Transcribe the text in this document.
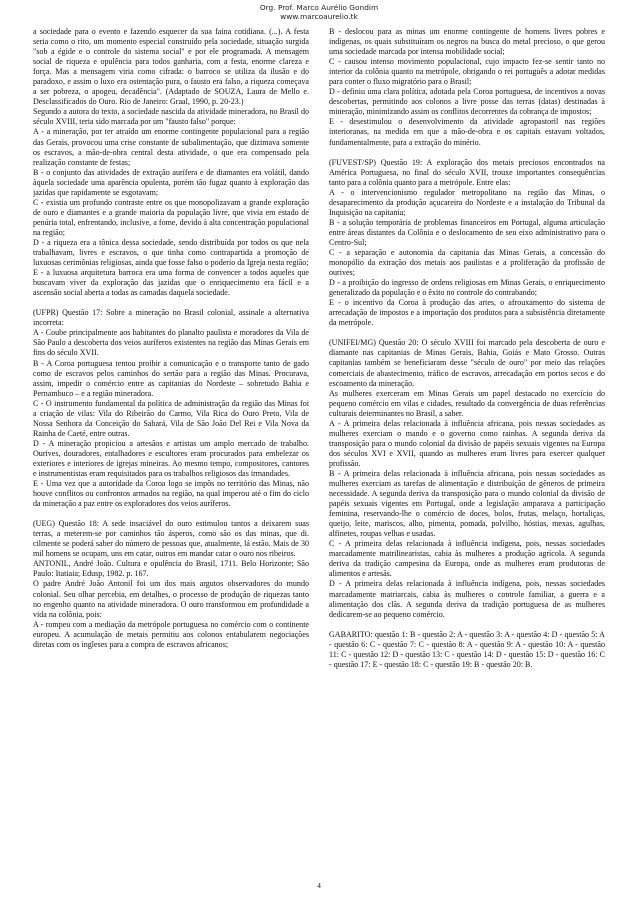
Org. Prof. Marco Aurélio Gondim
www.marcoaurelio.tk

a sociedade para o evento e fazendo esquecer da sua faina cotidiana. (...). A festa seria como o rito, um momento especial construído pela sociedade, situação surgida "sob a égide e o controle do sistema social" e por ele programada. A mensagem social de riqueza e opulência para todos ganharia, com a festa, enorme clareza e força. Mas a mensagem viria como cifrada: o barroco se utiliza da ilusão e do paradoxo, e assim o luxo era ostentação pura, o fausto era falso, a riqueza começava a ser pobreza, o apogeu, decadência". (Adaptado de SOUZA, Laura de Mello e. Desclassificados do Ouro. Rio de Janeiro: Graal, 1990, p. 20-23.)

Segundo a autora do texto, a sociedade nascida da atividade mineradora, no Brasil do século XVIII, teria sido marcada por um "fausto falso" porque:

A - a mineração, por ter atraído um enorme contingente populacional para a região das Gerais, provocou uma crise constante de subalimentação, que dizimava somente os escravos, a mão-de-obra central desta atividade, o que era compensado pela realização constante de festas;

B - o conjunto das atividades de extração aurífera e de diamantes era volátil, dando àquela sociedade uma aparência opulenta, porém tão fugaz quanto à exploração das jazidas que rapidamente se esgotavam;

C - existia um profundo contraste entre os que monopolizavam a grande exploração de ouro e diamantes e a grande maioria da população livre, que vivia em estado de penúria total, enfrentando, inclusive, a fome, devido à alta concentração populacional na região;

D - a riqueza era a tônica dessa sociedade, sendo distribuída por todos os que nela trabalhavam, livres e escravos, o que tinha como contrapartida a promoção de luxuosas cerimônias religiosas, ainda que fosse falso o poderio da Igreja nesta região;

E - a luxuosa arquitetura barroca era uma forma de convencer a todos aqueles que buscavam viver da exploração das jazidas que o enriquecimento era fácil e a ascensão social aberta a todas as camadas daquela sociedade.

(UFPR) Questão 17: Sobre a mineração no Brasil colonial, assinale a alternativa incorreta:

A - Coube principalmente aos habitantes do planalto paulista e moradores da Vila de São Paulo a descoberta dos veios auríferos existentes na região das Minas Gerais em fins do século XVII.

B - A Coroa portuguesa tentou proibir a comunicação e o transporte tanto de gado como de escravos pelos caminhos do sertão para a região das Minas. Procurava, assim, impedir o comércio entre as capitanias do Nordeste – sobretudo Bahia e Pernambuco – e a região mineradora.

C - O instrumento fundamental da política de administração da região das Minas foi a criação de vilas: Vila do Ribeirão do Carmo, Vila Rica do Ouro Preto, Vila de Nossa Senhora da Conceição do Sabará, Vila de São João Del Rei e Vila Nova da Rainha de Caeté, entre outras.

D - A mineração propiciou a artesãos e artistas um amplo mercado de trabalho. Ourives, douradores, entalhadores e escultores eram procurados para embelezar os exteriores e interiores de igrejas mineiras. Ao mesmo tempo, compositores, cantores e instrumentistas eram requisitados para os trabalhos religiosos das irmandades.

E - Uma vez que a autoridade da Coroa logo se impôs no território das Minas, não houve conflitos ou confrontos armados na região, na qual imperou até o fim do ciclo da mineração a paz entre os exploradores dos veios auríferos.

(UEG) Questão 18: A sede insaciável do ouro estimulou tantos a deixarem suas terras, a meterem-se por caminhos tão ásperos, como são os das minas, que di. cilmente se poderá saber do número de pessoas que, atualmente, lá estão. Mais de 30 mil homens se ocupam, uns em catar, outros em mandar catar o ouro nos ribeiros.

ANTONIL, André João. Cultura e opulência do Brasil, 1711. Belo Horizonte; São Paulo: Itatiaia; Edusp, 1982. p. 167.

O padre André João Antonil foi um dos mais argutos observadores do mundo colonial. Seu olhar percebia, em detalhes, o processo de produção de riquezas tanto no engenho quanto na atividade mineradora. O ouro transformou em profundidade a vida na colônia, pois:

A - rompeu com a mediação da metrópole portuguesa no comércio com o continente europeu. A acumulação de metais permitiu aos colonos entabularem negociações diretas com os ingleses para a compra de escravos africanos;

B - deslocou para as minas um enorme contingente de homens livres pobres e indígenas, os quais substituíram os negros na busca do metal precioso, o que gerou uma sociedade marcada por intensa mobilidade social;

C - causou intenso movimento populacional, cujo impacto fez-se sentir tanto no interior da colônia quanto na metrópole, obrigando o rei português a adotar medidas para conter o fluxo migratório para o Brasil;

D - definiu uma clara política, adotada pela Coroa portuguesa, de incentivos a novas descobertas, permitindo aos colonos a livre posse das terras (datas) destinadas à mineração, minimizando assim os conflitos decorrentes da cobrança de impostos;

E - desestimulou o desenvolvimento da atividade agropastoril nas regiões interioranas, na medida em que a mão-de-obra e os capitais estavam voltados, fundamentalmente, para a extração do minério.

(FUVEST/SP) Questão 19: A exploração dos metais preciosos encontrados na América Portuguesa, no final do século XVII, trouxe importantes consequências tanto para a colônia quanto para a metrópole. Entre elas:

A - o intervencionismo regulador metropolitano na região das Minas, o desaparecimento da produção açucareira do Nordeste e a instalação do Tribunal da Inquisição na capitania;

B - a solução temporária de problemas financeiros em Portugal, alguma articulação entre áreas distantes da Colônia e o deslocamento de seu eixo administrativo para o Centro-Sul;

C - a separação e autonomia da capitania das Minas Gerais, a concessão do monopólio da extração dos metais aos paulistas e a proliferação da profissão de ourives;

D - a proibição do ingresso de ordens religiosas em Minas Gerais, o enriquecimento generalizado da população e o êxito no controle do contrabando;

E - o incentivo da Coroa à produção das artes, o afrouxamento do sistema de arrecadação de impostos e a importação dos produtos para a subsistência diretamente da metrópole.

(UNIFEI/MG) Questão 20: O século XVIII foi marcado pela descoberta de ouro e diamante nas capitanias de Minas Gerais, Bahia, Goiás e Mato Grosso. Outras capitanias também se beneficiaram desse "século de ouro" por meio das relações comerciais de abastecimento, tráfico de escravos, arrecadação em portos secos e do escoamento da mineração.

As mulheres exerceram em Minas Gerais um papel destacado no exercício do pequeno comércio em vilas e cidades, resultado da convergência de duas referências culturais determinantes no Brasil, a saber.

A - A primeira delas relacionada à influência africana, pois nessas sociedades as mulheres exerciam o mando e o governo como rainhas. A segunda deriva da transposição para o mundo colonial da divisão de papéis sexuais vigentes na Europa dos séculos XVI e XVII, quando as mulheres eram livres para exercer qualquer profissão.

B - A primeira delas relacionada à influência africana, pois nessas sociedades as mulheres exerciam as tarefas de alimentação e distribuição de gêneros de primeira necessidade. A segunda deriva da transposição para o mundo colonial da divisão de papéis sexuais vigentes em Portugal, onde a legislação amparava a participação feminina, reservando-lhe o comércio de doces, bolos, frutas, melaço, hortaliças, queijo, leite, mariscos, alho, pimenta, pomada, polvilho, hóstias, mexas, agulhas, alfinetes, roupas velhas e usadas.

C - A primeira delas relacionada à influência indígena, pois, nessas sociedades marcadamente matrilinearistas, cabia às mulheres a produção agrícola. A segunda deriva da tradição campesina da Europa, onde as mulheres eram produtoras de alimentos e artesãs.

D - A primeira delas relacionada à influência indígena, pois, nessas sociedades marcadamente matriarcais, cabia às mulheres o controle familiar, a guerra e a alimentação dos clãs. A segunda deriva da tradição portuguesa de as mulheres dedicarem-se ao pequeno comércio.

GABARITO: questão 1: B - questão 2: A - questão 3: A - questão 4: D - questão 5: A - questão 6: C - questão 7: C - questão 8: A - questão 9: A - questão 10: A - questão 11: C - questão 12: D - questão 13: C - questão 14: D - questão 15: D - questão 16: C - questão 17: E - questão 18: C - questão 19: B - questão 20: B.

4
